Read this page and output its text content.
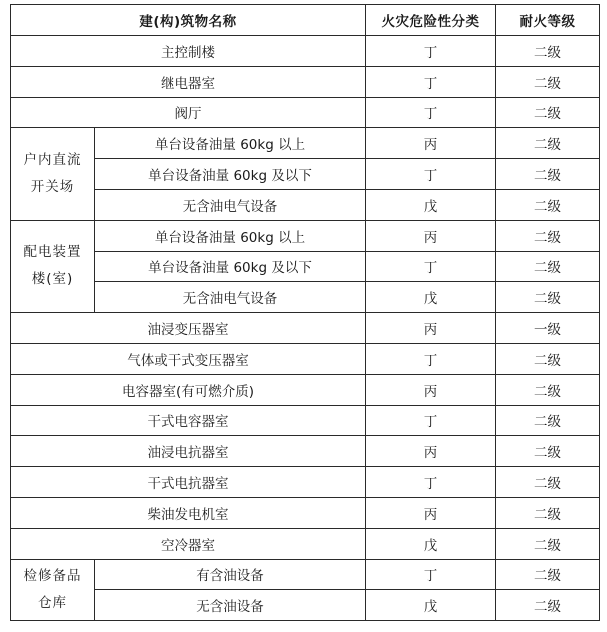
建(构)筑物名称		火灾危险性分类	耐火等级
主控制楼		丁	二级
继电器室		丁	二级
阀厅		丁	二级

户内直流
开关场	单台设备油量 60kg 以上	丙	二级
	单台设备油量 60kg 及以下	丁	二级
	无含油电气设备	戊	二级

配电装置
楼(室)	单台设备油量 60kg 以上	丙	二级
	单台设备油量 60kg 及以下	丁	二级
	无含油电气设备	戊	二级
油浸变压器室		丙	一级
气体或干式变压器室		丁	二级
电容器室(有可燃介质)		丙	二级
干式电容器室		丁	二级
油浸电抗器室		丙	二级
干式电抗器室		丁	二级
柴油发电机室		丙	二级
空冷器室		戊	二级

检修备品
仓库	有含油设备	丁	二级
	无含油设备	戊	二级
